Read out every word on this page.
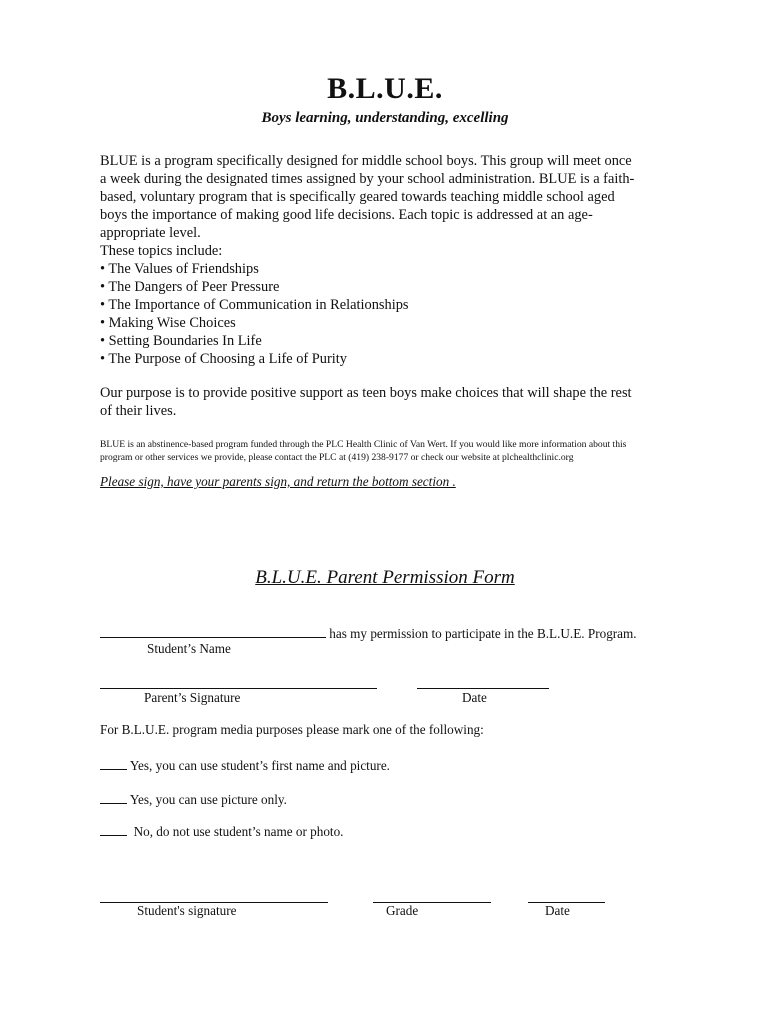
B.L.U.E.
Boys learning, understanding, excelling
BLUE is a program specifically designed for middle school boys. This group will meet once
a week during the designated times assigned by your school administration. BLUE is a faith-
based, voluntary program that is specifically geared towards teaching middle school aged
boys the importance of making good life decisions. Each topic is addressed at an age-
appropriate level.
These topics include:
• The Values of Friendships
• The Dangers of Peer Pressure
• The Importance of Communication in Relationships
• Making Wise Choices
• Setting Boundaries In Life
• The Purpose of Choosing a Life of Purity
Our purpose is to provide positive support as teen boys make choices that will shape the rest
of their lives.
BLUE is an abstinence-based program funded through the PLC Health Clinic of Van Wert. If you would like more information about this
program or other services we provide, please contact the PLC at (419) 238-9177 or check our website at plchealthclinic.org
Please sign, have your parents sign, and return the bottom section .
B.L.U.E. Parent Permission Form
has my permission to participate in the B.L.U.E. Program.
Student’s Name
Parent’s Signature	Date
For B.L.U.E. program media purposes please mark one of the following:
Yes, you can use student’s first name and picture.
Yes, you can use picture only.
No, do not use student’s name or photo.
Student's signature	Grade	Date
